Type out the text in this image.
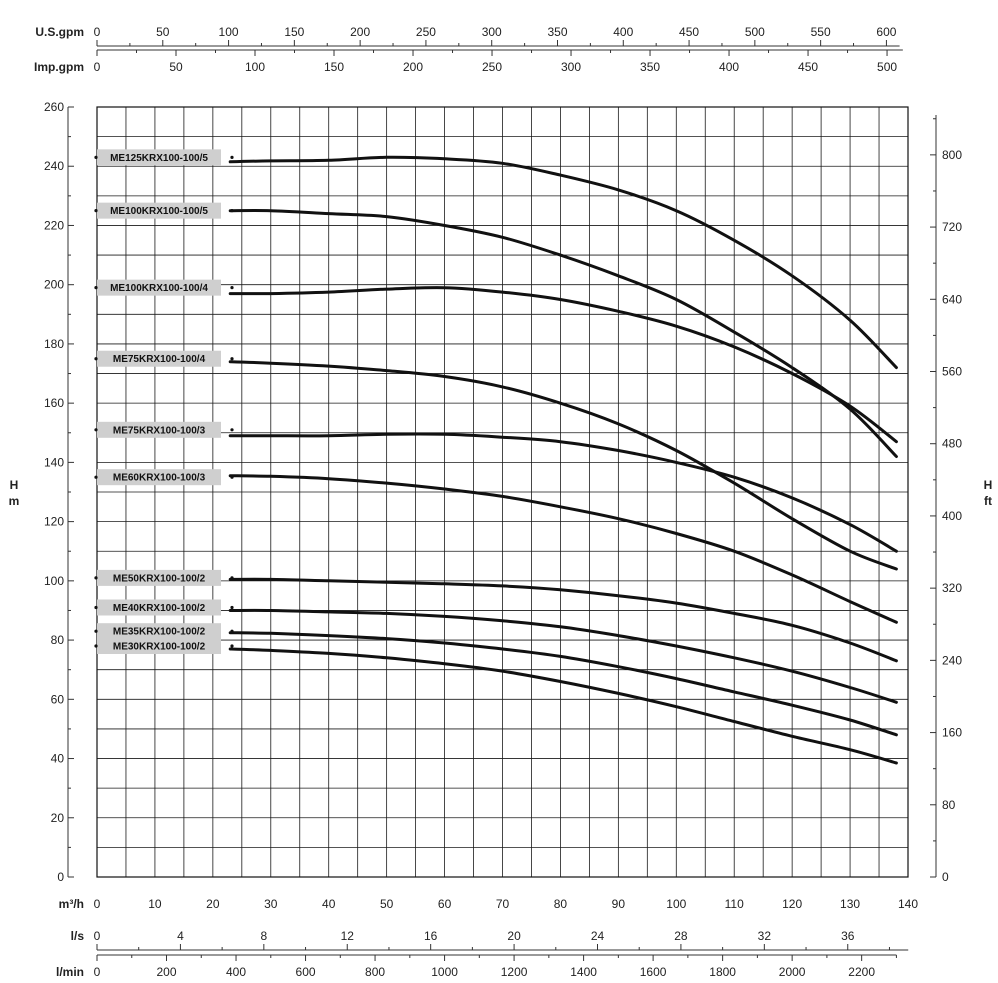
0
20
40
60
80
100
120
140
160
180
200
220
240
260
H
m
0
80
160
240
320
400
480
560
640
720
800
H
ft
0	50	100	150	200	250	300	350	400	450	500	550	600
U.S.gpm
0	50	100	150	200	250	300	350	400	450	500
Imp.gpm
0	10	20	30	40	50	60	70	80	90	100	110	120	130	140
m³/h
0	4	8	12	16	20	24	28	32	36
l/s
0	200	400	600	800	1000	1200	1400	1600	1800	2000	2200
l/min
ME125KRX100-100/5
ME100KRX100-100/5
ME100KRX100-100/4
ME75KRX100-100/4
ME75KRX100-100/3
ME60KRX100-100/3
ME50KRX100-100/2
ME40KRX100-100/2
ME35KRX100-100/2
ME30KRX100-100/2
